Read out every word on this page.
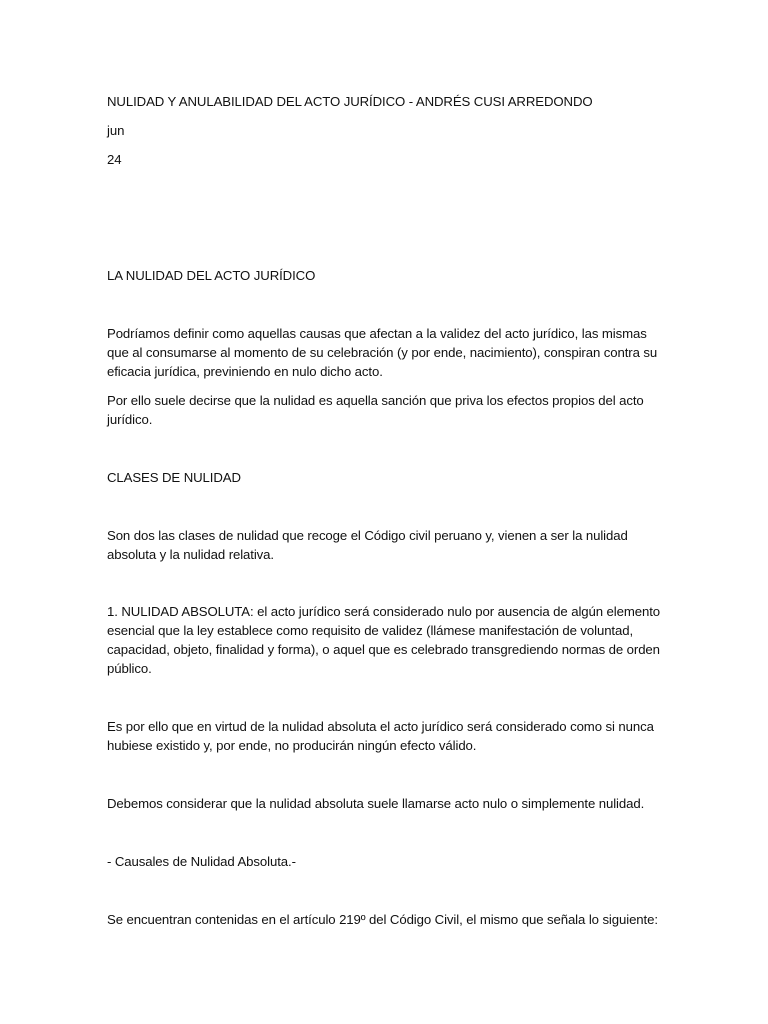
NULIDAD Y ANULABILIDAD DEL ACTO JURÍDICO - ANDRÉS CUSI ARREDONDO

jun

24

LA NULIDAD DEL ACTO JURÍDICO

Podríamos definir como aquellas causas que afectan a la validez del acto jurídico, las mismas que al consumarse al momento de su celebración (y por ende, nacimiento), conspiran contra su eficacia jurídica, previniendo en nulo dicho acto.

Por ello suele decirse que la nulidad es aquella sanción que priva los efectos propios del acto jurídico.

CLASES DE NULIDAD

Son dos las clases de nulidad que recoge el Código civil peruano y, vienen a ser la nulidad absoluta y la nulidad relativa.

1. NULIDAD ABSOLUTA: el acto jurídico será considerado nulo por ausencia de algún elemento esencial que la ley establece como requisito de validez (llámese manifestación de voluntad, capacidad, objeto, finalidad y forma), o aquel que es celebrado transgrediendo normas de orden público.

Es por ello que en virtud de la nulidad absoluta el acto jurídico será considerado como si nunca hubiese existido y, por ende, no producirán ningún efecto válido.

Debemos considerar que la nulidad absoluta suele llamarse acto nulo o simplemente nulidad.

- Causales de Nulidad Absoluta.-

Se encuentran contenidas en el artículo 219º del Código Civil, el mismo que señala lo siguiente:
